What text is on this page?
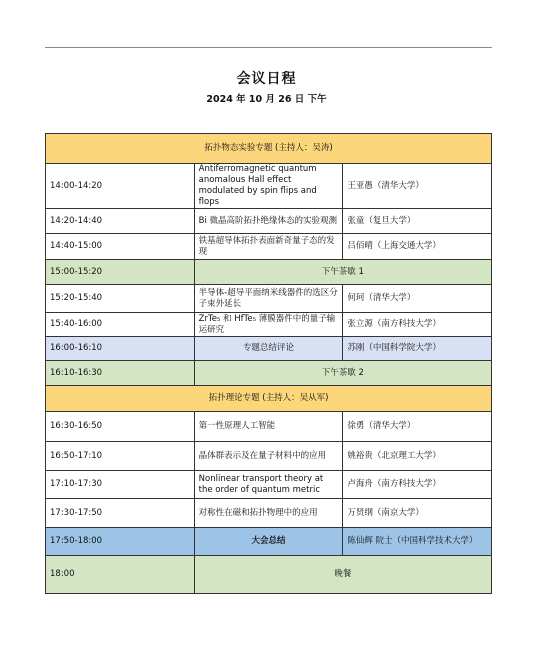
会议日程
2024 年 10 月 26 日 下午
拓扑物态实验专题 (主持人：吴涛)		
14:00-14:20	Antiferromagnetic quantum anomalous Hall effect modulated by spin flips and flops	王亚愚（清华大学）
14:20-14:40	Bi 微晶高阶拓扑绝缘体态的实验观测	张童（复旦大学）
14:40-15:00	铁基超导体拓扑表面新奇量子态的发现	吕佰晴（上海交通大学）
15:00-15:20	下午茶歇 1	
15:20-15:40	半导体-超导平面纳米线器件的选区分子束外延长	何珂（清华大学）
15:40-16:00	ZrTe₅ 和 HfTe₅ 薄膜器件中的量子输运研究	张立源（南方科技大学）
16:00-16:10	专题总结评论	苏刚（中国科学院大学）
16:10-16:30	下午茶歇 2	
拓扑理论专题 (主持人：吴从军)		
16:30-16:50	第一性原理人工智能	徐勇（清华大学）
16:50-17:10	晶体群表示及在量子材料中的应用	姚裕贵（北京理工大学）
17:10-17:30	Nonlinear transport theory at the order of quantum metric	卢海舟（南方科技大学）
17:30-17:50	对称性在磁和拓扑物理中的应用	万贤纲（南京大学）
17:50-18:00	大会总结	陈仙辉 院士（中国科学技术大学）
18:00	晚餐	
